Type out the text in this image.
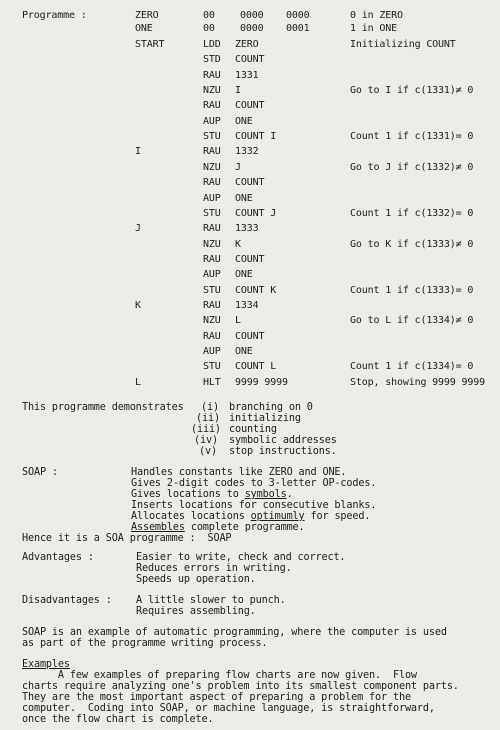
Programme :	ZERO	00	0000 0000	0 in ZERO
ONE	00	0000 0001	1 in ONE
START	LDD ZERO	Initializing COUNT
STD COUNT
RAU 1331
NZU I	Go to I if c(1331)≠ 0
RAU COUNT
AUP ONE
STU COUNT I	Count 1 if c(1331)= 0
I	RAU 1332
NZU J	Go to J if c(1332)≠ 0
RAU COUNT
AUP ONE
STU COUNT J	Count 1 if c(1332)= 0
J	RAU 1333
NZU K	Go to K if c(1333)≠ 0
RAU COUNT
AUP ONE
STU COUNT K	Count 1 if c(1333)= 0
K	RAU 1334
NZU L	Go to L if c(1334)≠ 0
RAU COUNT
AUP ONE
STU COUNT L	Count 1 if c(1334)= 0
L	HLT 9999 9999	Stop, showing 9999 9999
This programme demonstrates (i) branching on 0
(ii) initializing
(iii) counting
(iv) symbolic addresses
(v) stop instructions.
SOAP :	Handles constants like ZERO and ONE.
Gives 2-digit codes to 3-letter OP-codes.
Gives locations to symbols.
Inserts locations for consecutive blanks.
Allocates locations optimumly for speed.
Assembles complete programme.
Hence it is a SOA programme :  SOAP
Advantages :	Easier to write, check and correct.
Reduces errors in writing.
Speeds up operation.
Disadvantages : A little slower to punch.
Requires assembling.
SOAP is an example of automatic programming, where the computer is used
as part of the programme writing process.
Examples
A few examples of preparing flow charts are now given.  Flow
charts require analyzing one's problem into its smallest component parts.
They are the most important aspect of preparing a problem for the
computer.  Coding into SOAP, or machine language, is straightforward,
once the flow chart is complete.
